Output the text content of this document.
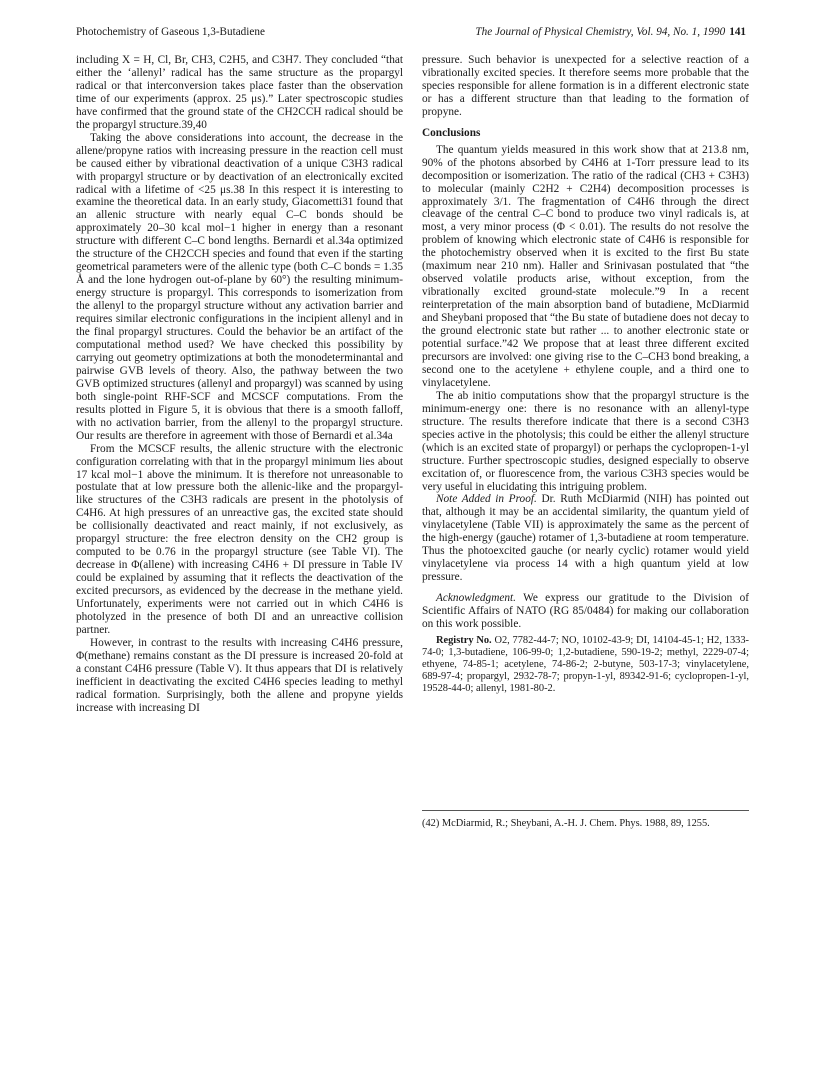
Photochemistry of Gaseous 1,3-Butadiene	The Journal of Physical Chemistry, Vol. 94, No. 1, 1990 141

including X = H, Cl, Br, CH3, C2H5, and C3H7. They concluded “that either the ‘allenyl’ radical has the same structure as the propargyl radical or that interconversion takes place faster than the observation time of our experiments (approx. 25 μs).” Later spectroscopic studies have confirmed that the ground state of the CH2CCH radical should be the propargyl structure.39,40

Taking the above considerations into account, the decrease in the allene/propyne ratios with increasing pressure in the reaction cell must be caused either by vibrational deactivation of a unique C3H3 radical with propargyl structure or by deactivation of an electronically excited radical with a lifetime of <25 μs.38 In this respect it is interesting to examine the theoretical data. In an early study, Giacometti31 found that an allenic structure with nearly equal C–C bonds should be approximately 20–30 kcal mol−1 higher in energy than a resonant structure with different C–C bond lengths. Bernardi et al.34a optimized the structure of the CH2CCH species and found that even if the starting geometrical parameters were of the allenic type (both C–C bonds = 1.35 Å and the lone hydrogen out-of-plane by 60°) the resulting minimum-energy structure is propargyl. This corresponds to isomerization from the allenyl to the propargyl structure without any activation barrier and requires similar electronic configurations in the incipient allenyl and in the final propargyl structures. Could the behavior be an artifact of the computational method used? We have checked this possibility by carrying out geometry optimizations at both the monodeterminantal and pairwise GVB levels of theory. Also, the pathway between the two GVB optimized structures (allenyl and propargyl) was scanned by using both single-point RHF-SCF and MCSCF computations. From the results plotted in Figure 5, it is obvious that there is a smooth falloff, with no activation barrier, from the allenyl to the propargyl structure. Our results are therefore in agreement with those of Bernardi et al.34a

From the MCSCF results, the allenic structure with the electronic configuration correlating with that in the propargyl minimum lies about 17 kcal mol−1 above the minimum. It is therefore not unreasonable to postulate that at low pressure both the allenic-like and the propargyl-like structures of the C3H3 radicals are present in the photolysis of C4H6. At high pressures of an unreactive gas, the excited state should be collisionally deactivated and react mainly, if not exclusively, as propargyl structure: the free electron density on the CH2 group is computed to be 0.76 in the propargyl structure (see Table VI). The decrease in Φ(allene) with increasing C4H6 + DI pressure in Table IV could be explained by assuming that it reflects the deactivation of the excited precursors, as evidenced by the decrease in the methane yield. Unfortunately, experiments were not carried out in which C4H6 is photolyzed in the presence of both DI and an unreactive collision partner.

However, in contrast to the results with increasing C4H6 pressure, Φ(methane) remains constant as the DI pressure is increased 20-fold at a constant C4H6 pressure (Table V). It thus appears that DI is relatively inefficient in deactivating the excited C4H6 species leading to methyl radical formation. Surprisingly, both the allene and propyne yields increase with increasing DI

pressure. Such behavior is unexpected for a selective reaction of a vibrationally excited species. It therefore seems more probable that the species responsible for allene formation is in a different electronic state or has a different structure than that leading to the formation of propyne.

Conclusions

The quantum yields measured in this work show that at 213.8 nm, 90% of the photons absorbed by C4H6 at 1-Torr pressure lead to its decomposition or isomerization. The ratio of the radical (CH3 + C3H3) to molecular (mainly C2H2 + C2H4) decomposition processes is approximately 3/1. The fragmentation of C4H6 through the direct cleavage of the central C–C bond to produce two vinyl radicals is, at most, a very minor process (Φ < 0.01). The results do not resolve the problem of knowing which electronic state of C4H6 is responsible for the photochemistry observed when it is excited to the first Bu state (maximum near 210 nm). Haller and Srinivasan postulated that “the observed volatile products arise, without exception, from the vibrationally excited ground-state molecule.”9 In a recent reinterpretation of the main absorption band of butadiene, McDiarmid and Sheybani proposed that “the Bu state of butadiene does not decay to the ground electronic state but rather ... to another electronic state or potential surface.”42 We propose that at least three different excited precursors are involved: one giving rise to the C–CH3 bond breaking, a second one to the acetylene + ethylene couple, and a third one to vinylacetylene.

The ab initio computations show that the propargyl structure is the minimum-energy one: there is no resonance with an allenyl-type structure. The results therefore indicate that there is a second C3H3 species active in the photolysis; this could be either the allenyl structure (which is an excited state of propargyl) or perhaps the cyclopropen-1-yl structure. Further spectroscopic studies, designed especially to observe excitation of, or fluorescence from, the various C3H3 species would be very useful in elucidating this intriguing problem.

Note Added in Proof. Dr. Ruth McDiarmid (NIH) has pointed out that, although it may be an accidental similarity, the quantum yield of vinylacetylene (Table VII) is approximately the same as the percent of the high-energy (gauche) rotamer of 1,3-butadiene at room temperature. Thus the photoexcited gauche (or nearly cyclic) rotamer would yield vinylacetylene via process 14 with a high quantum yield at low pressure.

Acknowledgment. We express our gratitude to the Division of Scientific Affairs of NATO (RG 85/0484) for making our collaboration on this work possible.

Registry No. O2, 7782-44-7; NO, 10102-43-9; DI, 14104-45-1; H2, 1333-74-0; 1,3-butadiene, 106-99-0; 1,2-butadiene, 590-19-2; methyl, 2229-07-4; ethyene, 74-85-1; acetylene, 74-86-2; 2-butyne, 503-17-3; vinylacetylene, 689-97-4; propargyl, 2932-78-7; propyn-1-yl, 89342-91-6; cyclopropen-1-yl, 19528-44-0; allenyl, 1981-80-2.

(42) McDiarmid, R.; Sheybani, A.-H. J. Chem. Phys. 1988, 89, 1255.
